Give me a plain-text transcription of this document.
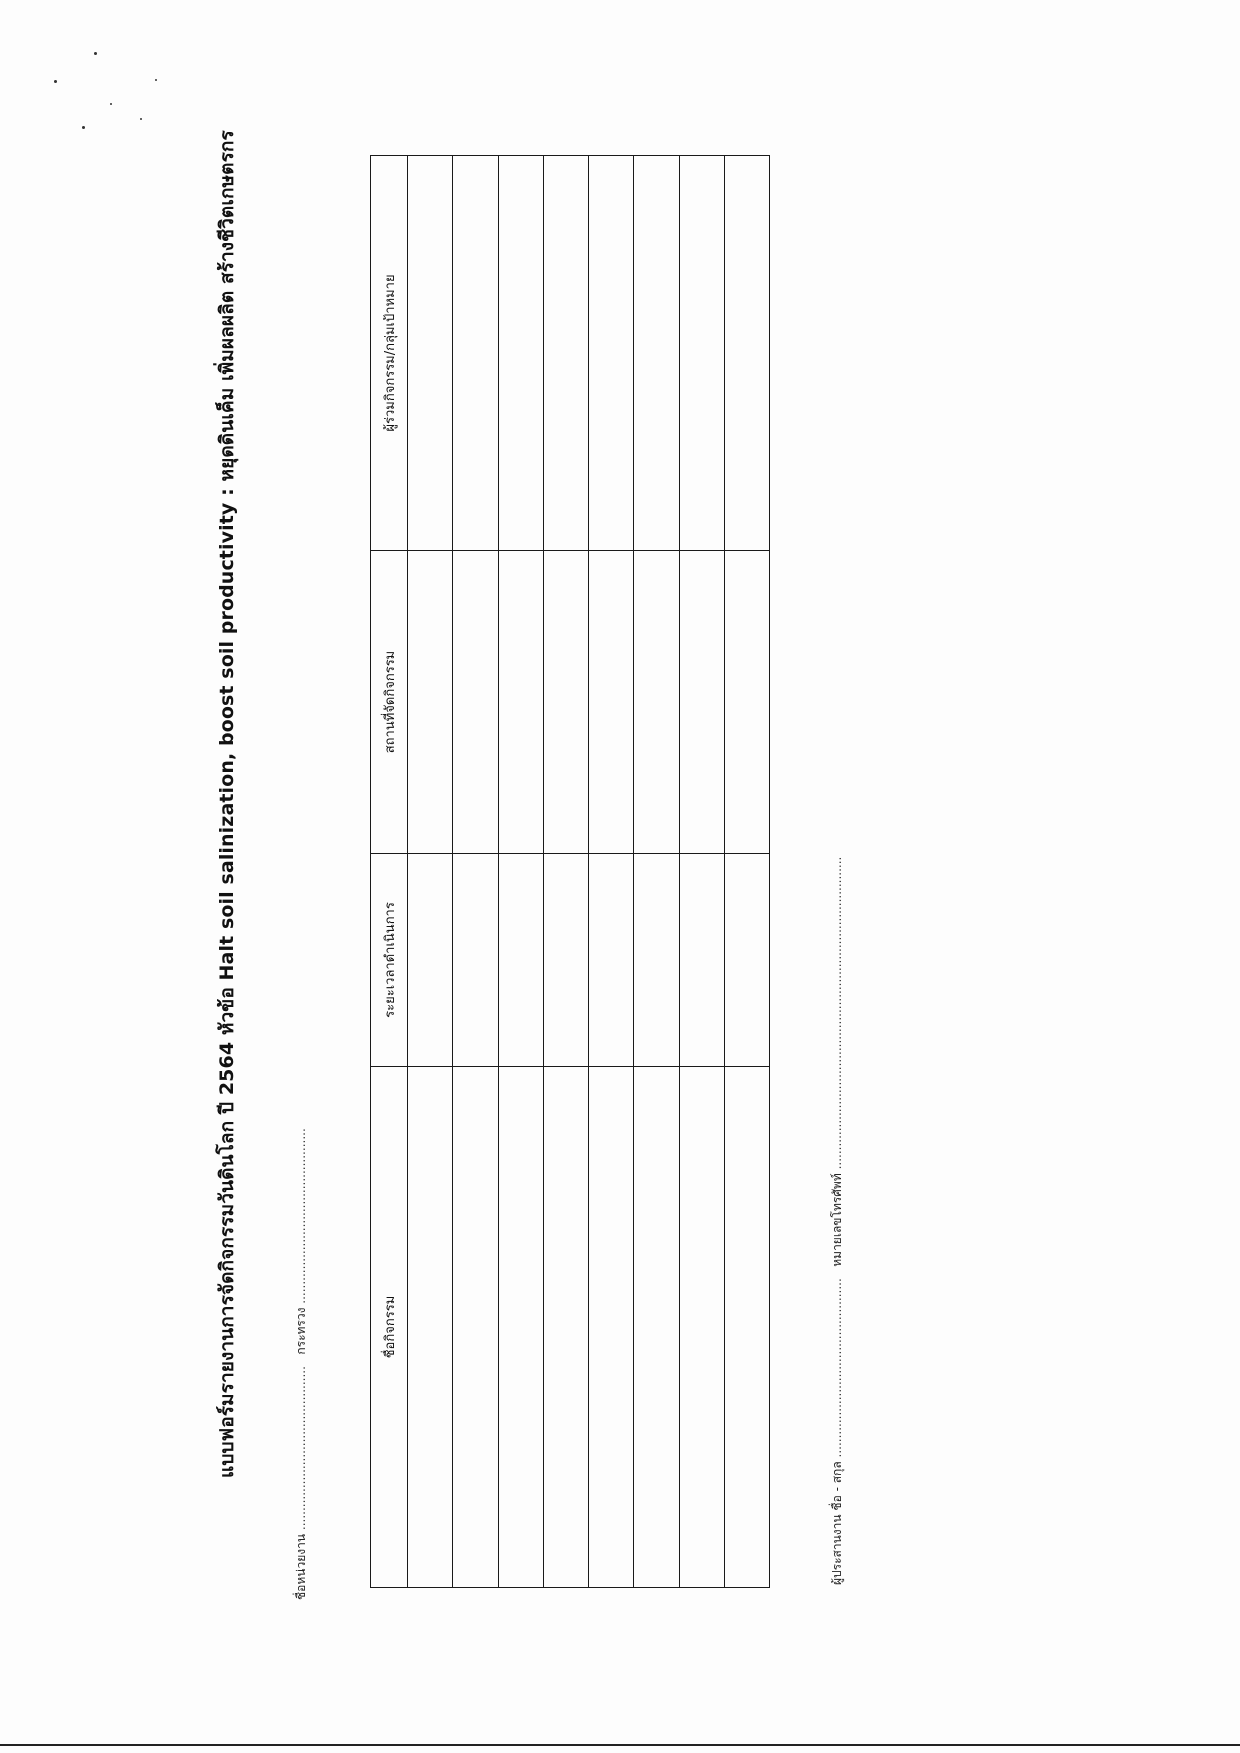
แบบฟอร์มรายงานการจัดกิจกรรมวันดินโลก ปี 2564 หัวข้อ Halt soil salinization, boost soil productivity : หยุดดินเค็ม เพิ่มผลผลิต สร้างชีวิตเกษตรกร
ชื่อหน่วยงาน ...........................................   กระทรวง ..............................................
ผู้ประสานงาน ชื่อ - สกุล ...............................................   หมายเลขโทรศัพท์ ..................................................................................
ชื่อกิจกรรม	ระยะเวลาดำเนินการ	สถานที่จัดกิจกรรม	ผู้ร่วมกิจกรรม/กลุ่มเป้าหมาย
